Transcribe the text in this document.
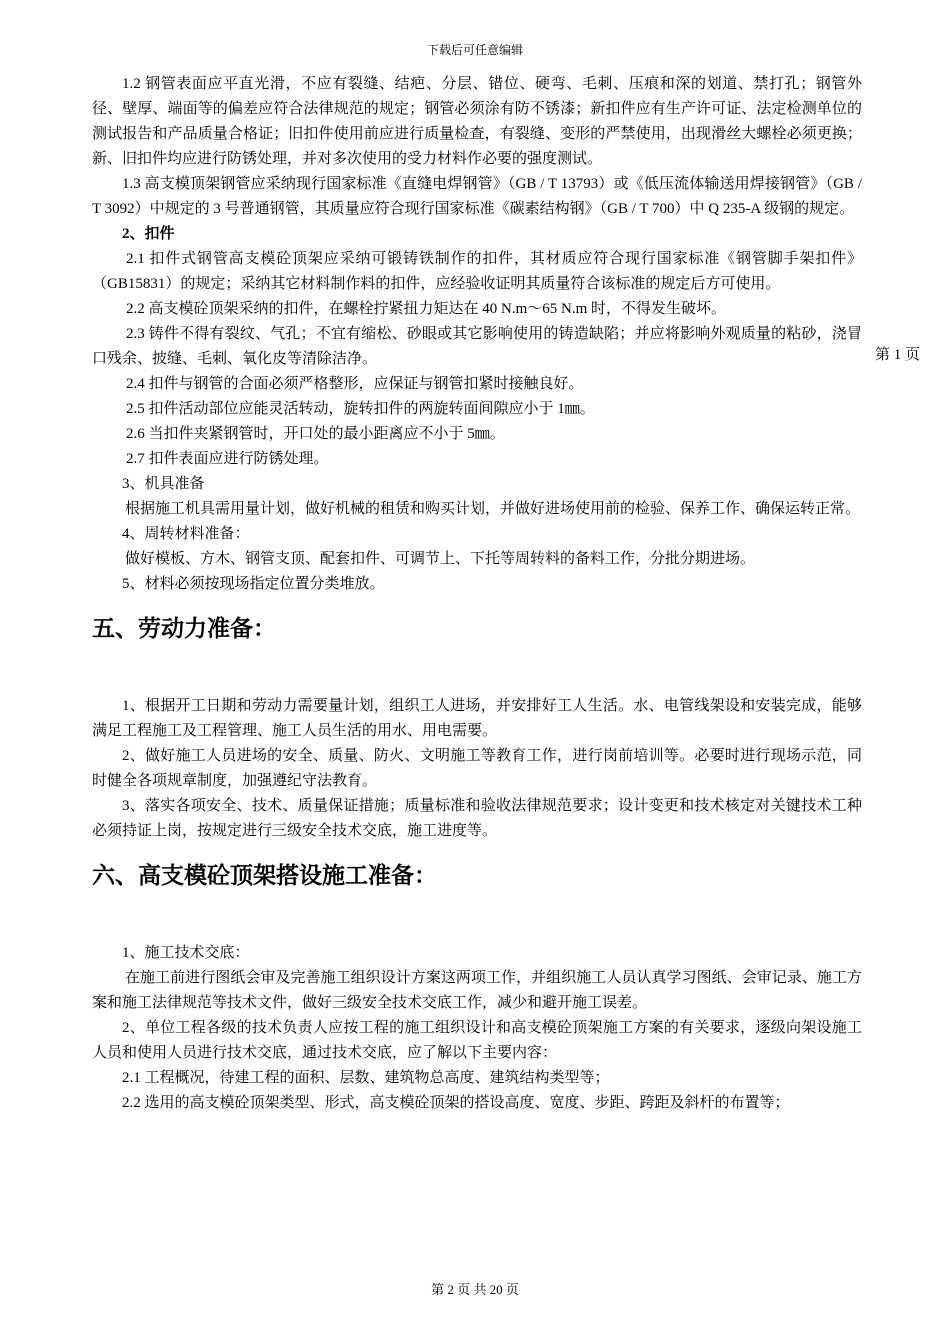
下载后可任意编辑
第 1 页

1.2 钢管表面应平直光滑，不应有裂缝、结疤、分层、错位、硬弯、毛刺、压痕和深的划道、禁打孔；钢管外径、壁厚、端面等的偏差应符合法律规范的规定；钢管必须涂有防不锈漆；新扣件应有生产许可证、法定检测单位的测试报告和产品质量合格证；旧扣件使用前应进行质量检查，有裂缝、变形的严禁使用，出现滑丝大螺栓必须更换；新、旧扣件均应进行防锈处理，并对多次使用的受力材料作必要的强度测试。

1.3 高支模顶架钢管应采纳现行国家标准《直缝电焊钢管》（GB / T 13793）或《低压流体输送用焊接钢管》（GB / T 3092）中规定的 3 号普通钢管，其质量应符合现行国家标准《碳素结构钢》（GB / T 700）中 Q 235-A 级钢的规定。

2、扣件

2.1 扣件式钢管高支模砼顶架应采纳可锻铸铁制作的扣件，其材质应符合现行国家标准《钢管脚手架扣件》（GB15831）的规定；采纳其它材料制作料的扣件，应经验收证明其质量符合该标准的规定后方可使用。

2.2 高支模砼顶架采纳的扣件，在螺栓拧紧扭力矩达在 40 N.m～65 N.m 时，不得发生破坏。

2.3 铸件不得有裂纹、气孔；不宜有缩松、砂眼或其它影响使用的铸造缺陷；并应将影响外观质量的粘砂，浇冒口残余、披缝、毛刺、氧化皮等清除洁净。

2.4 扣件与钢管的合面必须严格整形，应保证与钢管扣紧时接触良好。

2.5 扣件活动部位应能灵活转动，旋转扣件的两旋转面间隙应小于 1㎜。

2.6 当扣件夹紧钢管时，开口处的最小距离应不小于 5㎜。

2.7 扣件表面应进行防锈处理。

3、机具准备

根据施工机具需用量计划，做好机械的租赁和购买计划，并做好进场使用前的检验、保养工作、确保运转正常。

4、周转材料准备：

做好模板、方木、钢管支顶、配套扣件、可调节上、下托等周转料的备料工作，分批分期进场。

5、材料必须按现场指定位置分类堆放。

五、劳动力准备：

1、根据开工日期和劳动力需要量计划，组织工人进场，并安排好工人生活。水、电管线架设和安装完成，能够满足工程施工及工程管理、施工人员生活的用水、用电需要。

2、做好施工人员进场的安全、质量、防火、文明施工等教育工作，进行岗前培训等。必要时进行现场示范，同时健全各项规章制度，加强遵纪守法教育。

3、落实各项安全、技术、质量保证措施；质量标准和验收法律规范要求；设计变更和技术核定对关键技术工种必须持证上岗，按规定进行三级安全技术交底，施工进度等。

六、高支模砼顶架搭设施工准备：

1、施工技术交底：

在施工前进行图纸会审及完善施工组织设计方案这两项工作，并组织施工人员认真学习图纸、会审记录、施工方案和施工法律规范等技术文件，做好三级安全技术交底工作，减少和避开施工误差。

2、单位工程各级的技术负责人应按工程的施工组织设计和高支模砼顶架施工方案的有关要求，逐级向架设施工人员和使用人员进行技术交底，通过技术交底，应了解以下主要内容：

2.1 工程概况，待建工程的面积、层数、建筑物总高度、建筑结构类型等；

2.2 选用的高支模砼顶架类型、形式，高支模砼顶架的搭设高度、宽度、步距、跨距及斜杆的布置等；

第 2 页 共 20 页
